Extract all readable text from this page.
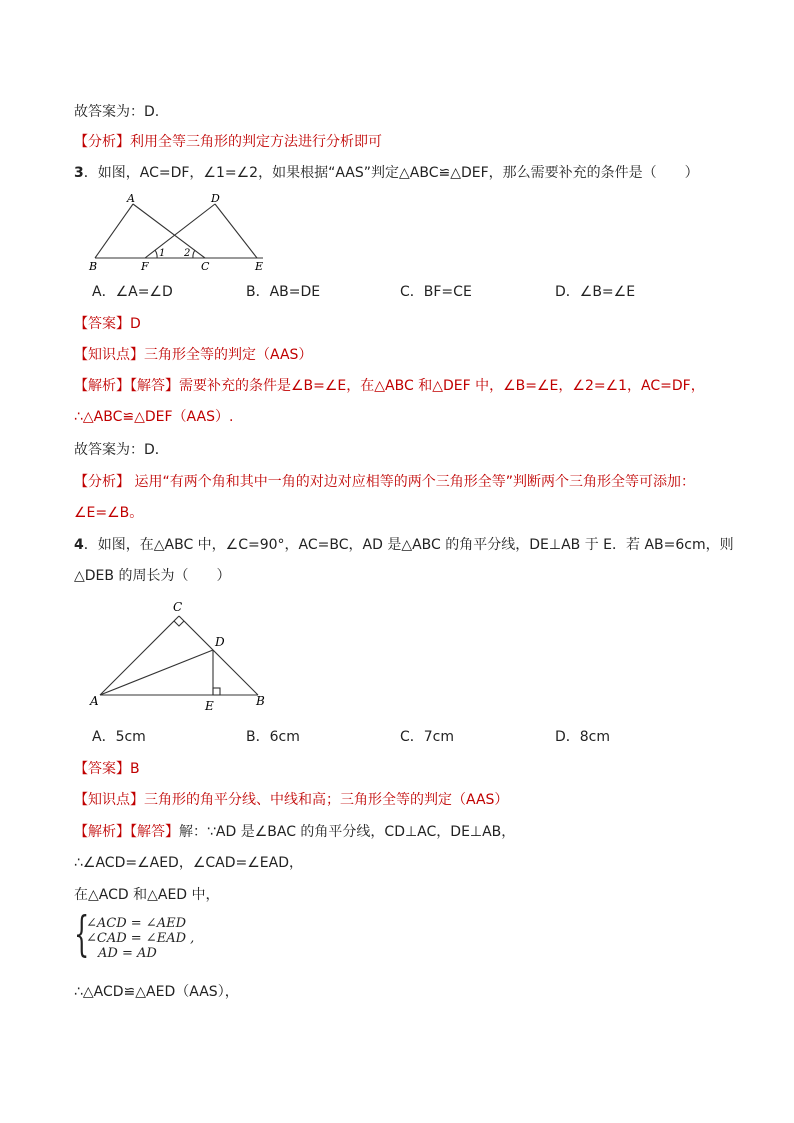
故答案为：D.
【分析】利用全等三角形的判定方法进行分析即可
3．如图，AC=DF，∠1=∠2，如果根据“AAS”判定△ABC≌△DEF，那么需要补充的条件是（　　）
A	D
B	F	C	E
1 2
A．∠A=∠D	B．AB=DE	C．BF=CE	D．∠B=∠E
【答案】D
【知识点】三角形全等的判定（AAS）
【解析】【解答】需要补充的条件是∠B=∠E，在△ABC 和△DEF 中，∠B=∠E，∠2=∠1，AC=DF，
∴△ABC≌△DEF（AAS）.
故答案为：D．
【分析】 运用“有两个角和其中一角的对边对应相等的两个三角形全等”判断两个三角形全等可添加：
∠E=∠B。
4．如图，在△ABC 中，∠C=90°，AC=BC，AD 是△ABC 的角平分线，DE⊥AB 于 E．若 AB=6cm，则
△DEB 的周长为（　　）
C
D
A	E	B
A．5cm	B．6cm	C．7cm	D．8cm
【答案】B
【知识点】三角形的角平分线、中线和高；三角形全等的判定（AAS）
【解析】【解答】解：∵AD 是∠BAC 的角平分线，CD⊥AC，DE⊥AB，
∴∠ACD=∠AED，∠CAD=∠EAD，
在△ACD 和△AED 中，
{
∠ACD = ∠AED
∠CAD = ∠EAD ,
AD = AD
∴△ACD≌△AED（AAS），
